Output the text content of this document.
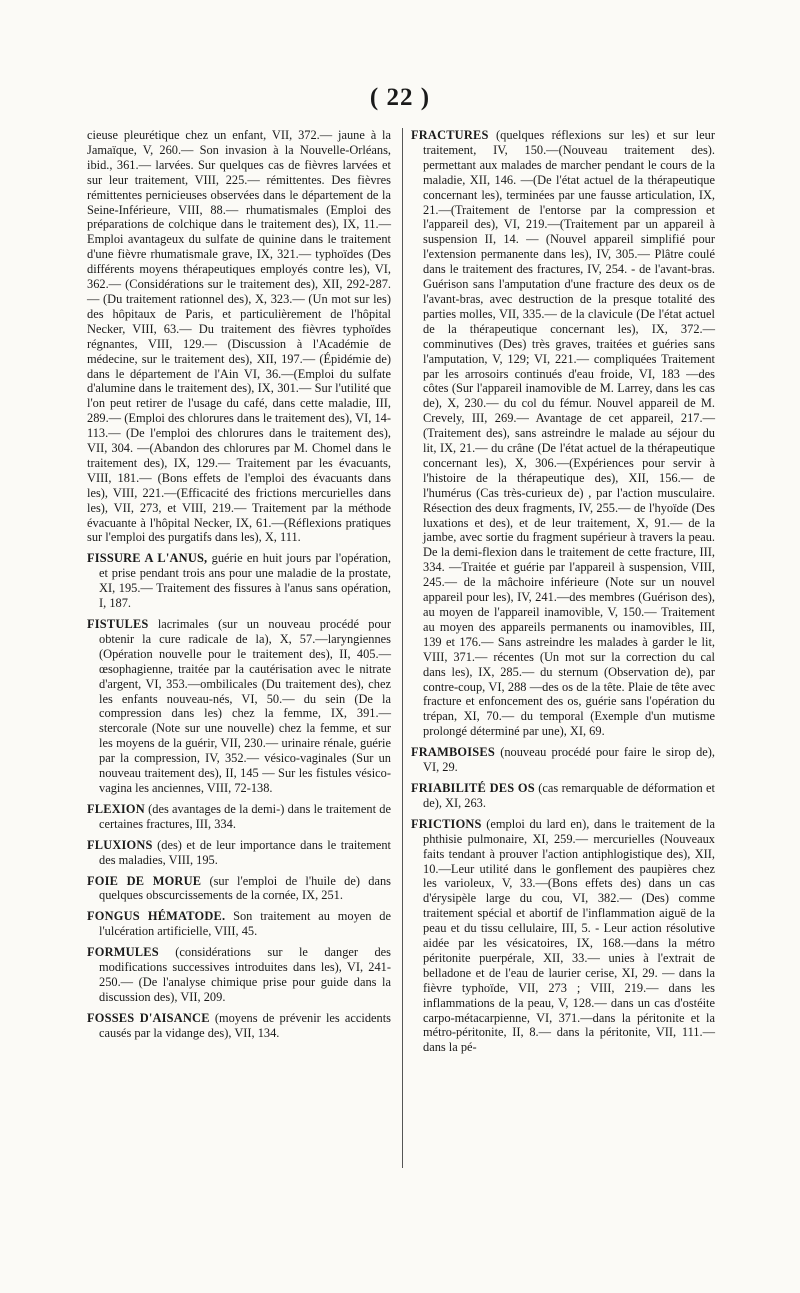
( 22 )

cieuse pleurétique chez un enfant, VII, 372.— jaune à la Jamaïque, V, 260.— Son invasion à la Nouvelle-Orléans, ibid., 361.— larvées. Sur quelques cas de fièvres larvées et sur leur traitement, VIII, 225.— rémittentes. Des fièvres rémittentes pernicieuses observées dans le département de la Seine-Inférieure, VIII, 88.— rhumatismales (Emploi des préparations de colchique dans le traitement des), IX, 11.— Emploi avantageux du sulfate de quinine dans le traitement d'une fièvre rhumatismale grave, IX, 321.— typhoïdes (Des différents moyens thérapeutiques employés contre les), VI, 362.— (Considérations sur le traitement des), XII, 292-287.— (Du traitement rationnel des), X, 323.— (Un mot sur les) des hôpitaux de Paris, et particulièrement de l'hôpital Necker, VIII, 63.— Du traitement des fièvres typhoïdes régnantes, VIII, 129.— (Discussion à l'Académie de médecine, sur le traitement des), XII, 197.— (Épidémie de) dans le département de l'Ain VI, 36.—(Emploi du sulfate d'alumine dans le traitement des), IX, 301.— Sur l'utilité que l'on peut retirer de l'usage du café, dans cette maladie, III, 289.— (Emploi des chlorures dans le traitement des), VI, 14-113.— (De l'emploi des chlorures dans le traitement des), VII, 304. —(Abandon des chlorures par M. Chomel dans le traitement des), IX, 129.— Traitement par les évacuants, VIII, 181.— (Bons effets de l'emploi des évacuants dans les), VIII, 221.—(Efficacité des frictions mercurielles dans les), VII, 273, et VIII, 219.— Traitement par la méthode évacuante à l'hôpital Necker, IX, 61.—(Réflexions pratiques sur l'emploi des purgatifs dans les), X, 111.

FISSURE A L'ANUS, guérie en huit jours par l'opération, et prise pendant trois ans pour une maladie de la prostate, XI, 195.— Traitement des fissures à l'anus sans opération, I, 187.

FISTULES lacrimales (sur un nouveau procédé pour obtenir la cure radicale de la), X, 57.—laryngiennes (Opération nouvelle pour le traitement des), II, 405.— œsophagienne, traitée par la cautérisation avec le nitrate d'argent, VI, 353.—ombilicales (Du traitement des), chez les enfants nouveau-nés, VI, 50.— du sein (De la compression dans les) chez la femme, IX, 391.— stercorale (Note sur une nouvelle) chez la femme, et sur les moyens de la guérir, VII, 230.— urinaire rénale, guérie par la compression, IV, 352.— vésico-vaginales (Sur un nouveau traitement des), II, 145 — Sur les fistules vésico-vagina les anciennes, VIII, 72-138.

FLEXION (des avantages de la demi-) dans le traitement de certaines fractures, III, 334.

FLUXIONS (des) et de leur importance dans le traitement des maladies, VIII, 195.

FOIE DE MORUE (sur l'emploi de l'huile de) dans quelques obscurcissements de la cornée, IX, 251.

FONGUS HÉMATODE. Son traitement au moyen de l'ulcération artificielle, VIII, 45.

FORMULES (considérations sur le danger des modifications successives introduites dans les), VI, 241-250.— (De l'analyse chimique prise pour guide dans la discussion des), VII, 209.

FOSSES D'AISANCE (moyens de prévenir les accidents causés par la vidange des), VII, 134.

FRACTURES (quelques réflexions sur les) et sur leur traitement, IV, 150.—(Nouveau traitement des). permettant aux malades de marcher pendant le cours de la maladie, XII, 146. —(De l'état actuel de la thérapeutique concernant les), terminées par une fausse articulation, IX, 21.—(Traitement de l'entorse par la compression et l'appareil des), VI, 219.—(Traitement par un appareil à suspension II, 14. — (Nouvel appareil simplifié pour l'extension permanente dans les), IV, 305.— Plâtre coulé dans le traitement des fractures, IV, 254. - de l'avant-bras. Guérison sans l'amputation d'une fracture des deux os de l'avant-bras, avec destruction de la presque totalité des parties molles, VII, 335.— de la clavicule (De l'état actuel de la thérapeutique concernant les), IX, 372.— comminutives (Des) très graves, traitées et guéries sans l'amputation, V, 129; VI, 221.— compliquées Traitement par les arrosoirs continués d'eau froide, VI, 183 —des côtes (Sur l'appareil inamovible de M. Larrey, dans les cas de), X, 230.— du col du fémur. Nouvel appareil de M. Crevely, III, 269.— Avantage de cet appareil, 217.—(Traitement des), sans astreindre le malade au séjour du lit, IX, 21.— du crâne (De l'état actuel de la thérapeutique concernant les), X, 306.—(Expériences pour servir à l'histoire de la thérapeutique des), XII, 156.— de l'humérus (Cas très-curieux de) , par l'action musculaire. Résection des deux fragments, IV, 255.— de l'hyoïde (Des luxations et des), et de leur traitement, X, 91.— de la jambe, avec sortie du fragment supérieur à travers la peau. De la demi-flexion dans le traitement de cette fracture, III, 334. —Traitée et guérie par l'appareil à suspension, VIII, 245.— de la mâchoire inférieure (Note sur un nouvel appareil pour les), IV, 241.—des membres (Guérison des), au moyen de l'appareil inamovible, V, 150.— Traitement au moyen des appareils permanents ou inamovibles, III, 139 et 176.— Sans astreindre les malades à garder le lit, VIII, 371.— récentes (Un mot sur la correction du cal dans les), IX, 285.— du sternum (Observation de), par contre-coup, VI, 288 —des os de la tête. Plaie de tête avec fracture et enfoncement des os, guérie sans l'opération du trépan, XI, 70.— du temporal (Exemple d'un mutisme prolongé déterminé par une), XI, 69.

FRAMBOISES (nouveau procédé pour faire le sirop de), VI, 29.

FRIABILITÉ DES OS (cas remarquable de déformation et de), XI, 263.

FRICTIONS (emploi du lard en), dans le traitement de la phthisie pulmonaire, XI, 259.— mercurielles (Nouveaux faits tendant à prouver l'action antiphlogistique des), XII, 10.—Leur utilité dans le gonflement des paupières chez les varioleux, V, 33.—(Bons effets des) dans un cas d'érysipèle large du cou, VI, 382.— (Des) comme traitement spécial et abortif de l'inflammation aiguë de la peau et du tissu cellulaire, III, 5. - Leur action résolutive aidée par les vésicatoires, IX, 168.—dans la métro péritonite puerpérale, XII, 33.— unies à l'extrait de belladone et de l'eau de laurier cerise, XI, 29. — dans la fièvre typhoïde, VII, 273 ; VIII, 219.— dans les inflammations de la peau, V, 128.— dans un cas d'ostéite carpo-métacarpienne, VI, 371.—dans la péritonite et la métro-péritonite, II, 8.— dans la péritonite, VII, 111.— dans la pé-
